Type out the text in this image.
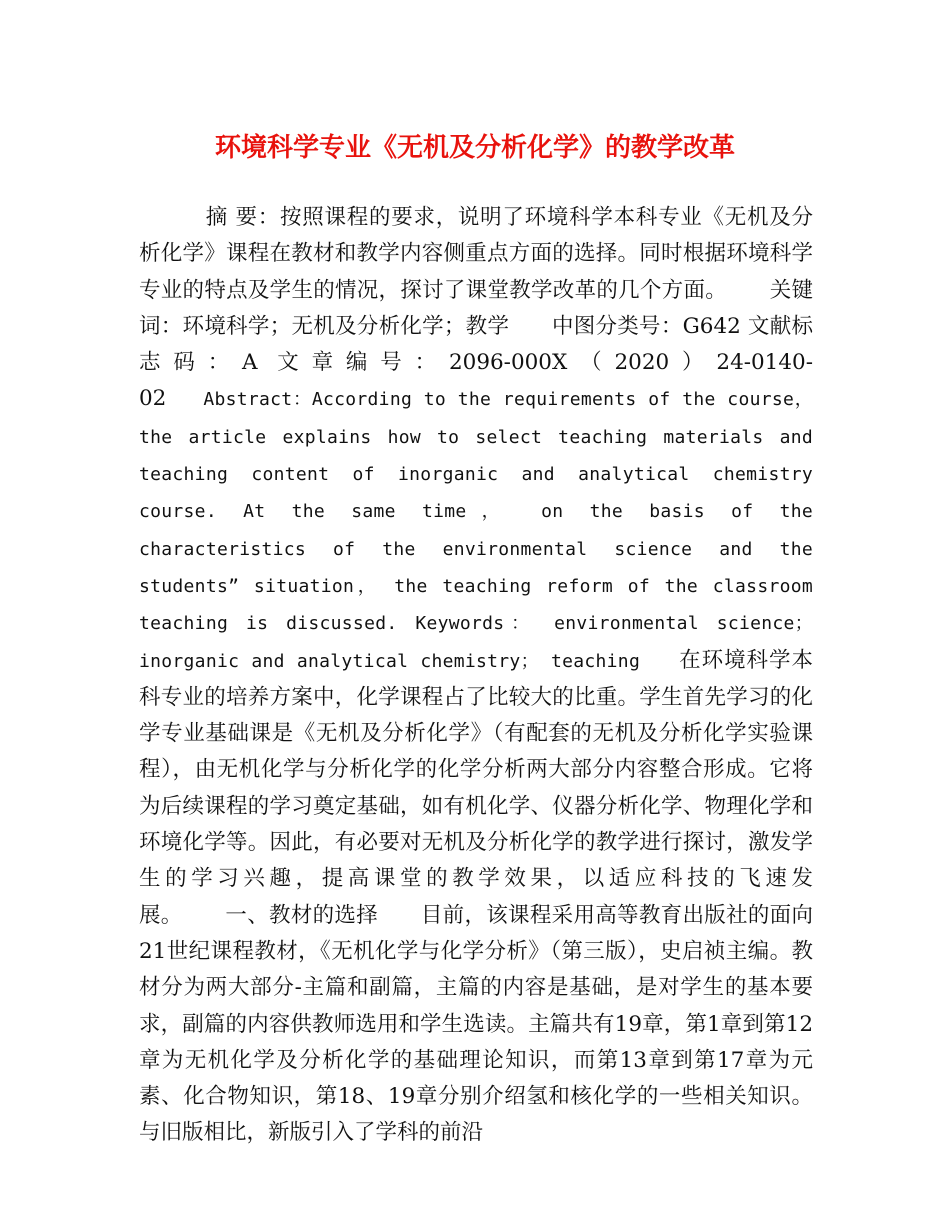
环境科学专业《无机及分析化学》的教学改革

摘 要：按照课程的要求，说明了环境科学本科专业《无机及分析化学》课程在教材和教学内容侧重点方面的选择。同时根据环境科学专业的特点及学生的情况，探讨了课堂教学改革的几个方面。 关键词：环境科学；无机及分析化学；教学 中图分类号：G642 文献标志码：A 文章编号：2096-000X（2020）24-0140-02 Abstract：According to the requirements of the course， the article explains how to select teaching materials and teaching content of inorganic and analytical chemistry course. At the same time， on the basis of the characteristics of the environmental science and the students” situation， the teaching reform of the classroom teaching is discussed. Keywords： environmental science； inorganic and analytical chemistry； teaching 在环境科学本科专业的培养方案中，化学课程占了比较大的比重。学生首先学习的化学专业基础课是《无机及分析化学》（有配套的无机及分析化学实验课程），由无机化学与分析化学的化学分析两大部分内容整合形成。它将为后续课程的学习奠定基础，如有机化学、仪器分析化学、物理化学和环境化学等。因此，有必要对无机及分析化学的教学进行探讨，激发学生的学习兴趣，提高课堂的教学效果，以适应科技的飞速发展。 一、教材的选择 目前，该课程采用高等教育出版社的面向21世纪课程教材，《无机化学与化学分析》（第三版），史启祯主编。教材分为两大部分-主篇和副篇，主篇的内容是基础，是对学生的基本要求，副篇的内容供教师选用和学生选读。主篇共有19章，第1章到第12章为无机化学及分析化学的基础理论知识，而第13章到第17章为元素、化合物知识，第18、19章分别介绍氢和核化学的一些相关知识。与旧版相比，新版引入了学科的前沿
